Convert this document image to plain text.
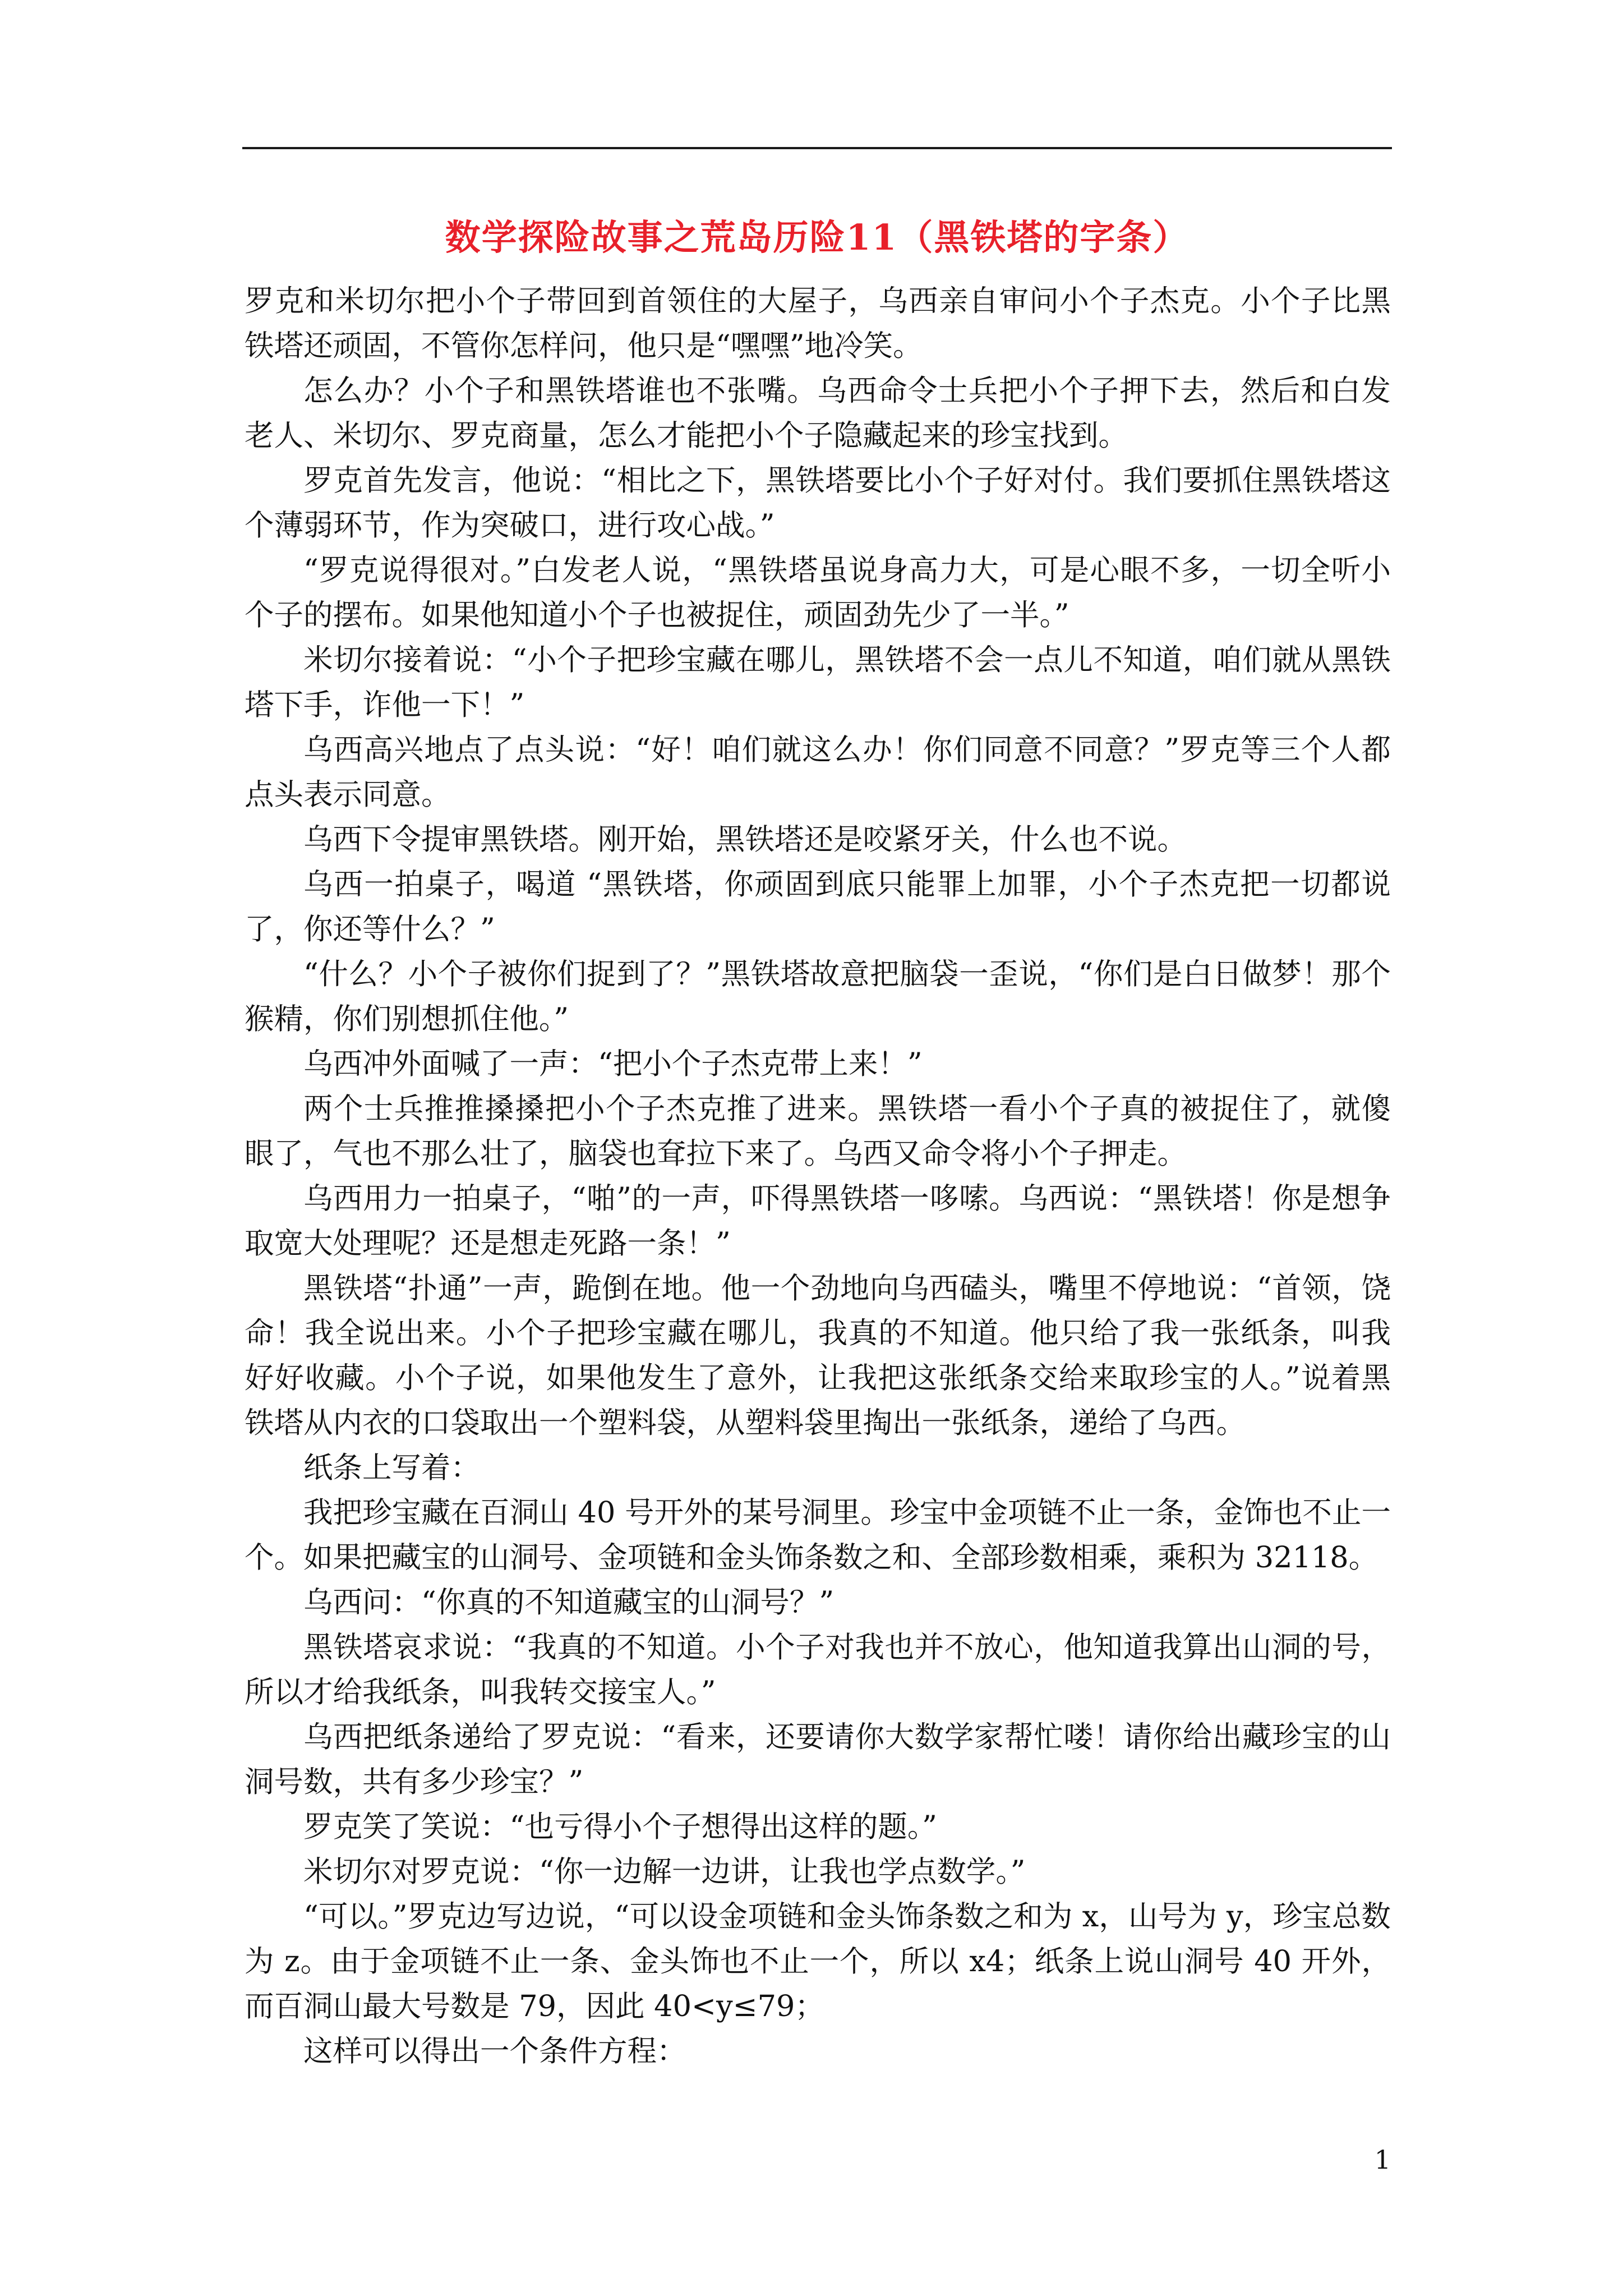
数学探险故事之荒岛历险11（黑铁塔的字条）

罗克和米切尔把小个子带回到首领住的大屋子，乌西亲自审问小个子杰克。小个子比黑铁塔还顽固，不管你怎样问，他只是“嘿嘿”地冷笑。

怎么办？小个子和黑铁塔谁也不张嘴。乌西命令士兵把小个子押下去，然后和白发老人、米切尔、罗克商量，怎么才能把小个子隐藏起来的珍宝找到。

罗克首先发言，他说：“相比之下，黑铁塔要比小个子好对付。我们要抓住黑铁塔这个薄弱环节，作为突破口，进行攻心战。”

“罗克说得很对。”白发老人说，“黑铁塔虽说身高力大，可是心眼不多，一切全听小个子的摆布。如果他知道小个子也被捉住，顽固劲先少了一半。”

米切尔接着说：“小个子把珍宝藏在哪儿，黑铁塔不会一点儿不知道，咱们就从黑铁塔下手，诈他一下！”

乌西高兴地点了点头说：“好！咱们就这么办！你们同意不同意？”罗克等三个人都点头表示同意。

乌西下令提审黑铁塔。刚开始，黑铁塔还是咬紧牙关，什么也不说。

乌西一拍桌子，喝道 “黑铁塔，你顽固到底只能罪上加罪，小个子杰克把一切都说了，你还等什么？”

“什么？小个子被你们捉到了？”黑铁塔故意把脑袋一歪说，“你们是白日做梦！那个猴精，你们别想抓住他。”

乌西冲外面喊了一声：“把小个子杰克带上来！”

两个士兵推推搡搡把小个子杰克推了进来。黑铁塔一看小个子真的被捉住了，就傻眼了，气也不那么壮了，脑袋也耷拉下来了。乌西又命令将小个子押走。

乌西用力一拍桌子，“啪”的一声，吓得黑铁塔一哆嗦。乌西说：“黑铁塔！你是想争取宽大处理呢？还是想走死路一条！”

黑铁塔“扑通”一声，跪倒在地。他一个劲地向乌西磕头，嘴里不停地说：“首领，饶命！我全说出来。小个子把珍宝藏在哪儿，我真的不知道。他只给了我一张纸条，叫我好好收藏。小个子说，如果他发生了意外，让我把这张纸条交给来取珍宝的人。”说着黑铁塔从内衣的口袋取出一个塑料袋，从塑料袋里掏出一张纸条，递给了乌西。

纸条上写着：

我把珍宝藏在百洞山 40 号开外的某号洞里。珍宝中金项链不止一条，金饰也不止一个。如果把藏宝的山洞号、金项链和金头饰条数之和、全部珍数相乘，乘积为 32118。

乌西问：“你真的不知道藏宝的山洞号？”

黑铁塔哀求说：“我真的不知道。小个子对我也并不放心，他知道我算出山洞的号，所以才给我纸条，叫我转交接宝人。”

乌西把纸条递给了罗克说：“看来，还要请你大数学家帮忙喽！请你给出藏珍宝的山洞号数，共有多少珍宝？”

罗克笑了笑说：“也亏得小个子想得出这样的题。”

米切尔对罗克说：“你一边解一边讲，让我也学点数学。”

“可以。”罗克边写边说，“可以设金项链和金头饰条数之和为 x，山号为 y，珍宝总数为 z。由于金项链不止一条、金头饰也不止一个，所以 x4；纸条上说山洞号 40 开外，而百洞山最大号数是 79，因此 40<y≤79；

这样可以得出一个条件方程：

1
